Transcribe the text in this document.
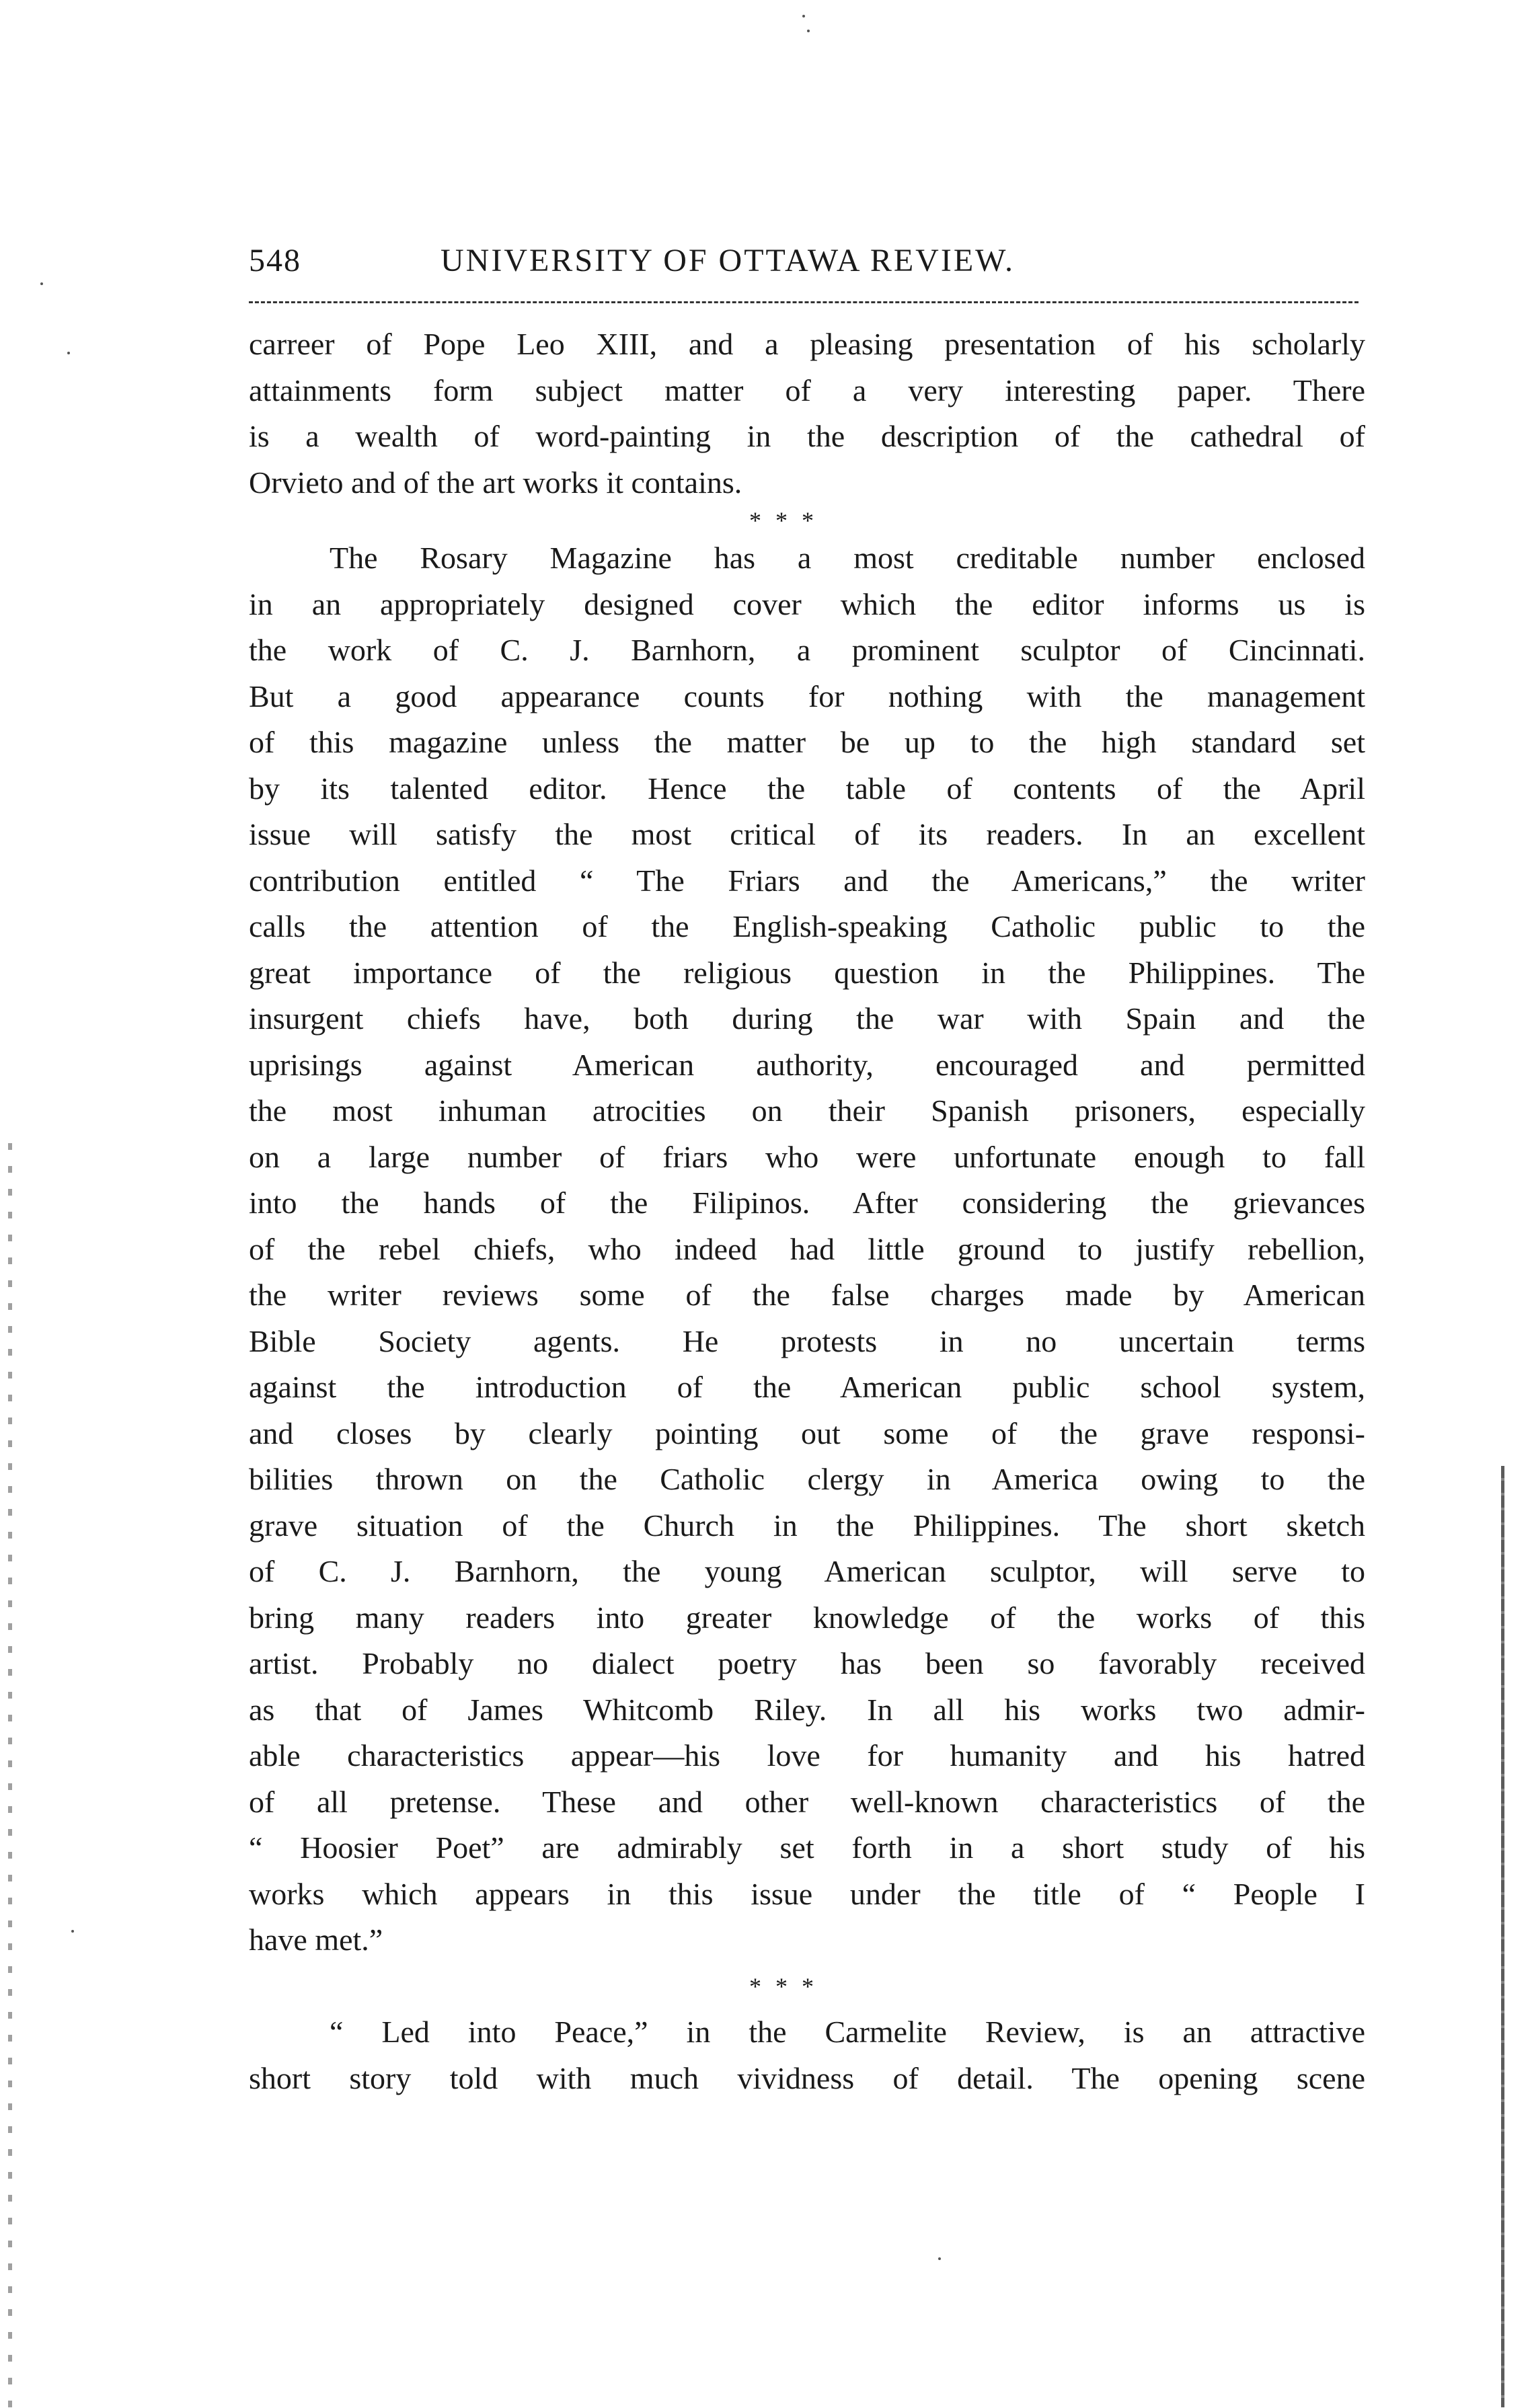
548	UNIVERSITY OF OTTAWA REVIEW.
carreer of Pope Leo XIII, and a pleasing presentation of his scholarly
attainments form subject matter of a very interesting paper. There
is a wealth of word-painting in the description of the cathedral of
Orvieto and of the art works it contains.
* * *
The Rosary Magazine has a most creditable number enclosed
in an appropriately designed cover which the editor informs us is
the work of C. J. Barnhorn, a prominent sculptor of Cincinnati.
But a good appearance counts for nothing with the management
of this magazine unless the matter be up to the high standard set
by its talented editor. Hence the table of contents of the April
issue will satisfy the most critical of its readers. In an excellent
contribution entitled “ The Friars and the Americans,” the writer
calls the attention of the English-speaking Catholic public to the
great importance of the religious question in the Philippines. The
insurgent chiefs have, both during the war with Spain and the
uprisings against American authority, encouraged and permitted
the most inhuman atrocities on their Spanish prisoners, especially
on a large number of friars who were unfortunate enough to fall
into the hands of the Filipinos. After considering the grievances
of the rebel chiefs, who indeed had little ground to justify rebellion,
the writer reviews some of the false charges made by American
Bible Society agents. He protests in no uncertain terms
against the introduction of the American public school system,
and closes by clearly pointing out some of the grave responsi-
bilities thrown on the Catholic clergy in America owing to the
grave situation of the Church in the Philippines. The short sketch
of C. J. Barnhorn, the young American sculptor, will serve to
bring many readers into greater knowledge of the works of this
artist. Probably no dialect poetry has been so favorably received
as that of James Whitcomb Riley. In all his works two admir-
able characteristics appear—his love for humanity and his hatred
of all pretense. These and other well-known characteristics of the
“ Hoosier Poet” are admirably set forth in a short study of his
works which appears in this issue under the title of “ People I
have met.”
* * *
“ Led into Peace,” in the Carmelite Review, is an attractive
short story told with much vividness of detail. The opening scene
